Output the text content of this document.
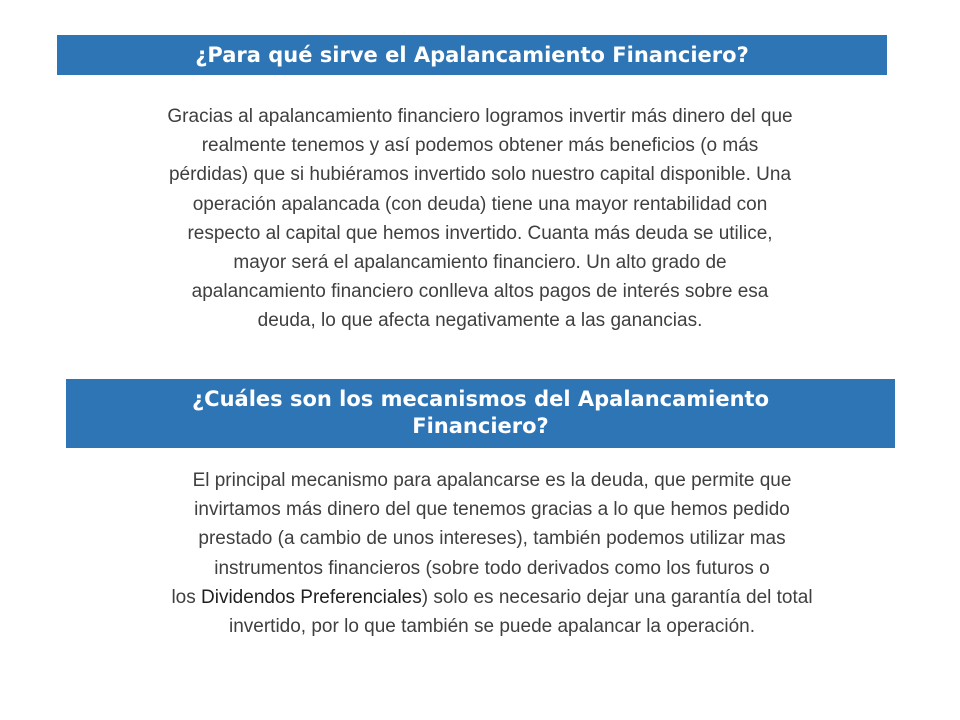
¿Para qué sirve el Apalancamiento Financiero?

Gracias al apalancamiento financiero logramos invertir más dinero del que
realmente tenemos y así podemos obtener más beneficios (o más
pérdidas) que si hubiéramos invertido solo nuestro capital disponible. Una
operación apalancada (con deuda) tiene una mayor rentabilidad con
respecto al capital que hemos invertido. Cuanta más deuda se utilice,
mayor será el apalancamiento financiero. Un alto grado de
apalancamiento financiero conlleva altos pagos de interés sobre esa
deuda, lo que afecta negativamente a las ganancias.

¿Cuáles son los mecanismos del Apalancamiento
Financiero?

El principal mecanismo para apalancarse es la deuda, que permite que
invirtamos más dinero del que tenemos gracias a lo que hemos pedido
prestado (a cambio de unos intereses), también podemos utilizar mas
instrumentos financieros (sobre todo derivados como los futuros o
los Dividendos Preferenciales) solo es necesario dejar una garantía del total
invertido, por lo que también se puede apalancar la operación.
